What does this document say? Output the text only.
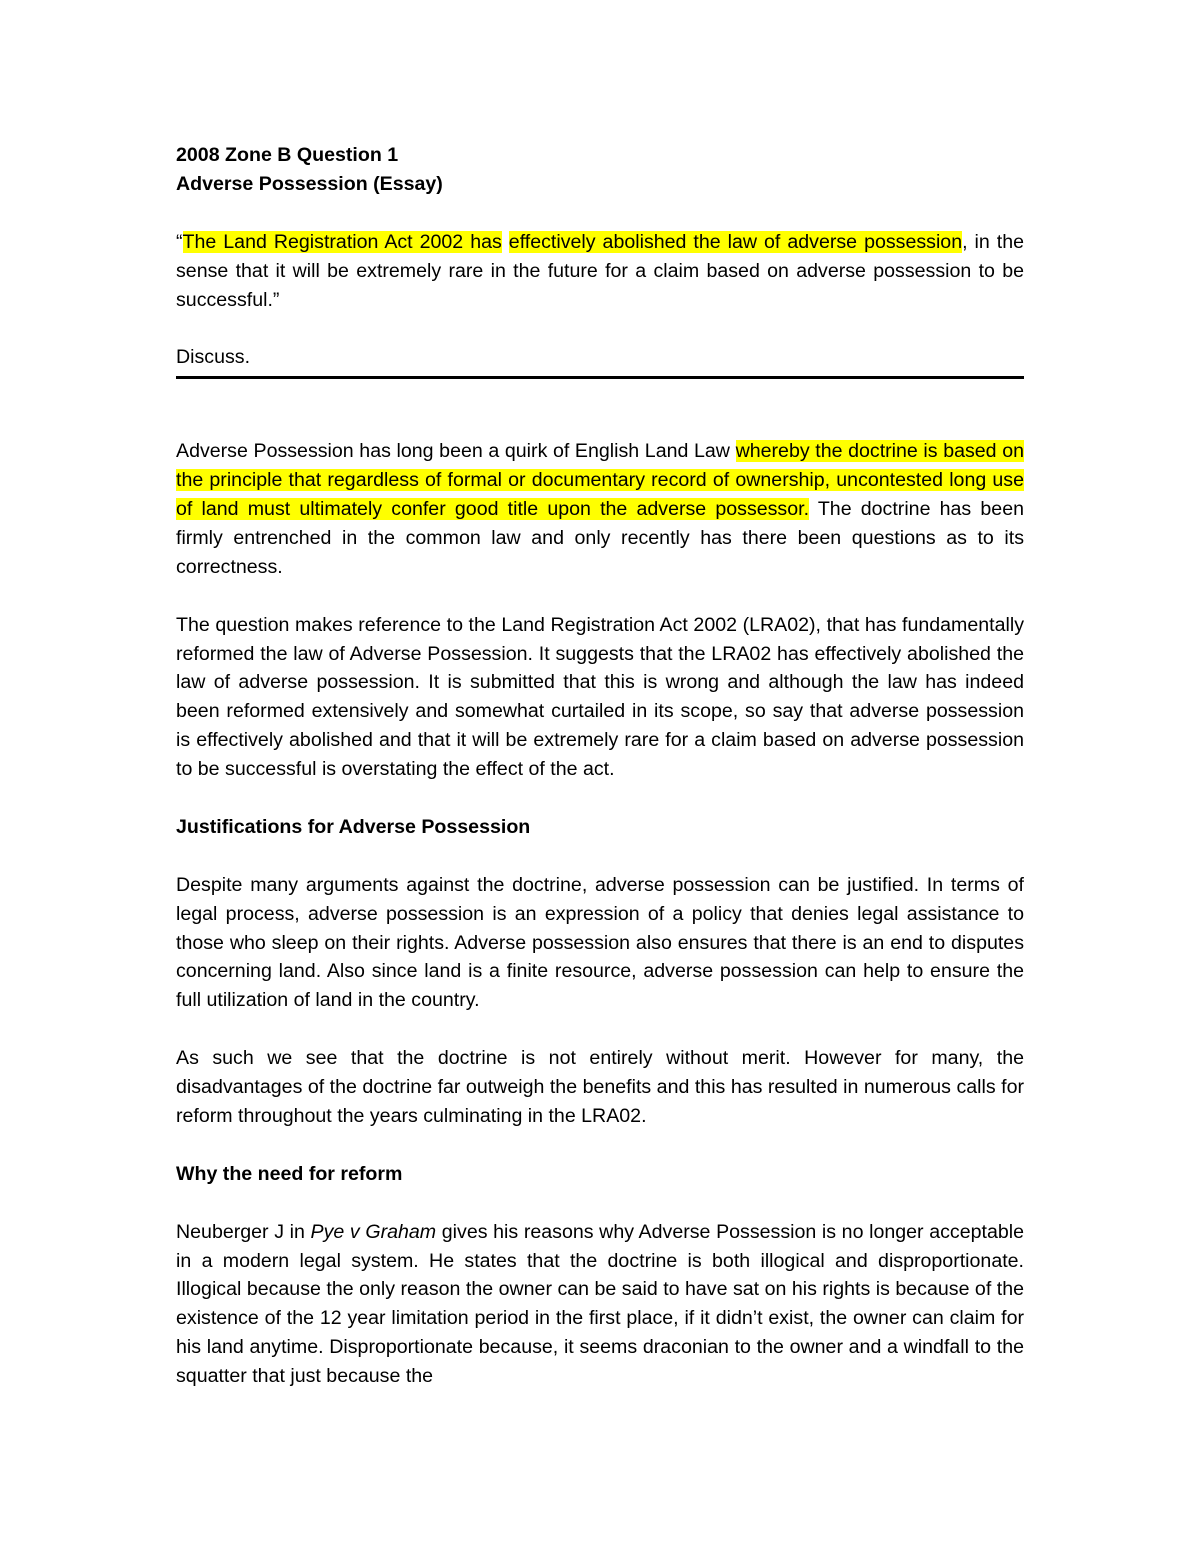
2008 Zone B Question 1
Adverse Possession (Essay)

“The Land Registration Act 2002 has effectively abolished the law of adverse possession, in the sense that it will be extremely rare in the future for a claim based on adverse possession to be successful.”

Discuss.

Adverse Possession has long been a quirk of English Land Law whereby the doctrine is based on the principle that regardless of formal or documentary record of ownership, uncontested long use of land must ultimately confer good title upon the adverse possessor. The doctrine has been firmly entrenched in the common law and only recently has there been questions as to its correctness.

The question makes reference to the Land Registration Act 2002 (LRA02), that has fundamentally reformed the law of Adverse Possession. It suggests that the LRA02 has effectively abolished the law of adverse possession. It is submitted that this is wrong and although the law has indeed been reformed extensively and somewhat curtailed in its scope, so say that adverse possession is effectively abolished and that it will be extremely rare for a claim based on adverse possession to be successful is overstating the effect of the act.

Justifications for Adverse Possession

Despite many arguments against the doctrine, adverse possession can be justified. In terms of legal process, adverse possession is an expression of a policy that denies legal assistance to those who sleep on their rights. Adverse possession also ensures that there is an end to disputes concerning land. Also since land is a finite resource, adverse possession can help to ensure the full utilization of land in the country.

As such we see that the doctrine is not entirely without merit. However for many, the disadvantages of the doctrine far outweigh the benefits and this has resulted in numerous calls for reform throughout the years culminating in the LRA02.

Why the need for reform

Neuberger J in Pye v Graham gives his reasons why Adverse Possession is no longer acceptable in a modern legal system. He states that the doctrine is both illogical and disproportionate. Illogical because the only reason the owner can be said to have sat on his rights is because of the existence of the 12 year limitation period in the first place, if it didn’t exist, the owner can claim for his land anytime. Disproportionate because, it seems draconian to the owner and a windfall to the squatter that just because the
